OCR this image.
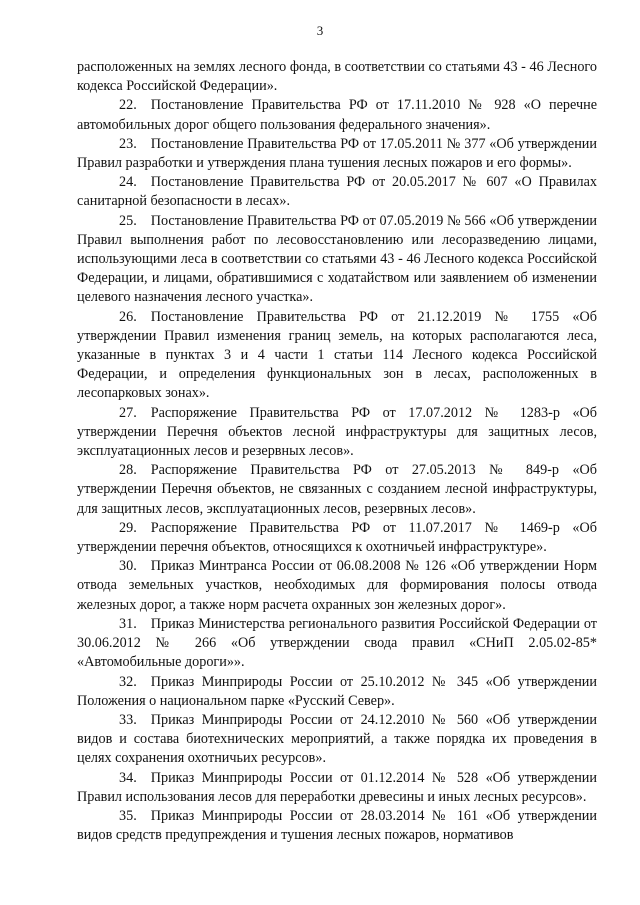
3

расположенных на землях лесного фонда, в соответствии со статьями 43 - 46 Лесного кодекса Российской Федерации».

22. Постановление Правительства РФ от 17.11.2010 № 928 «О перечне автомобильных дорог общего пользования федерального значения».

23. Постановление Правительства РФ от 17.05.2011 № 377 «Об утверждении Правил разработки и утверждения плана тушения лесных пожаров и его формы».

24. Постановление Правительства РФ от 20.05.2017 № 607 «О Правилах санитарной безопасности в лесах».

25. Постановление Правительства РФ от 07.05.2019 № 566 «Об утверждении Правил выполнения работ по лесовосстановлению или лесоразведению лицами, использующими леса в соответствии со статьями 43 - 46 Лесного кодекса Российской Федерации, и лицами, обратившимися с ходатайством или заявлением об изменении целевого назначения лесного участка».

26. Постановление Правительства РФ от 21.12.2019 № 1755 «Об утверждении Правил изменения границ земель, на которых располагаются леса, указанные в пунктах 3 и 4 части 1 статьи 114 Лесного кодекса Российской Федерации, и определения функциональных зон в лесах, расположенных в лесопарковых зонах».

27. Распоряжение Правительства РФ от 17.07.2012 № 1283-р «Об утверждении Перечня объектов лесной инфраструктуры для защитных лесов, эксплуатационных лесов и резервных лесов».

28. Распоряжение Правительства РФ от 27.05.2013 № 849-р «Об утверждении Перечня объектов, не связанных с созданием лесной инфраструктуры, для защитных лесов, эксплуатационных лесов, резервных лесов».

29. Распоряжение Правительства РФ от 11.07.2017 № 1469-р «Об утверждении перечня объектов, относящихся к охотничьей инфраструктуре».

30. Приказ Минтранса России от 06.08.2008 № 126 «Об утверждении Норм отвода земельных участков, необходимых для формирования полосы отвода железных дорог, а также норм расчета охранных зон железных дорог».

31. Приказ Министерства регионального развития Российской Федерации от 30.06.2012 № 266 «Об утверждении свода правил «СНиП 2.05.02-85* «Автомобильные дороги»».

32. Приказ Минприроды России от 25.10.2012 № 345 «Об утверждении Положения о национальном парке «Русский Север».

33. Приказ Минприроды России от 24.12.2010 № 560 «Об утверждении видов и состава биотехнических мероприятий, а также порядка их проведения в целях сохранения охотничьих ресурсов».

34. Приказ Минприроды России от 01.12.2014 № 528 «Об утверждении Правил использования лесов для переработки древесины и иных лесных ресурсов».

35. Приказ Минприроды России от 28.03.2014 № 161 «Об утверждении видов средств предупреждения и тушения лесных пожаров, нормативов
